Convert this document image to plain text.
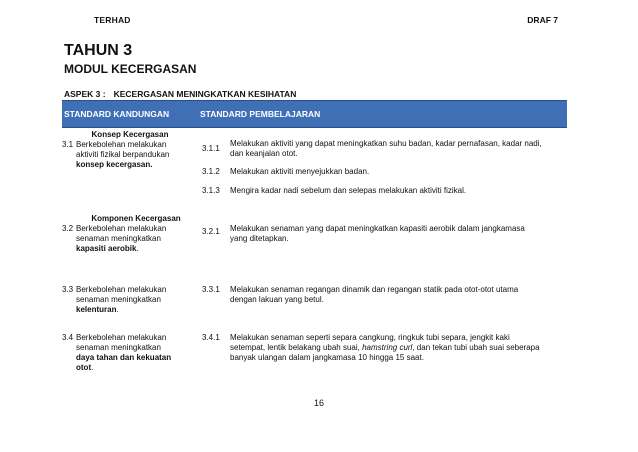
TERHAD	DRAF 7
TAHUN 3
MODUL KECERGASAN
ASPEK 3 : KECERGASAN MENINGKATKAN KESIHATAN
STANDARD KANDUNGAN	STANDARD PEMBELAJARAN
Konsep Kecergasan
3.1 Berkebolehan melakukan
aktiviti fizikal berpandukan
konsep kecergasan.
3.1.1
Melakukan aktiviti yang dapat meningkatkan suhu badan, kadar pernafasan, kadar nadi,
dan keanjalan otot.
3.1.2 Melakukan aktiviti menyejukkan badan.
3.1.3 Mengira kadar nadi sebelum dan selepas melakukan aktiviti fizikal.
Komponen Kecergasan
3.2 Berkebolehan melakukan
senaman meningkatkan
kapasiti aerobik.
3.2.1 Melakukan senaman yang dapat meningkatkan kapasiti aerobik dalam jangkamasa
yang ditetapkan.
3.3 Berkebolehan melakukan
senaman meningkatkan
kelenturan.
3.3.1 Melakukan senaman regangan dinamik dan regangan statik pada otot-otot utama
dengan lakuan yang betul.
3.4 Berkebolehan melakukan
senaman meningkatkan
daya tahan dan kekuatan
otot.
3.4.1 Melakukan senaman seperti separa cangkung, ringkuk tubi separa, jengkit kaki
setempat, lentik belakang ubah suai, hamstring curl, dan tekan tubi ubah suai seberapa
banyak ulangan dalam jangkamasa 10 hingga 15 saat.
16
